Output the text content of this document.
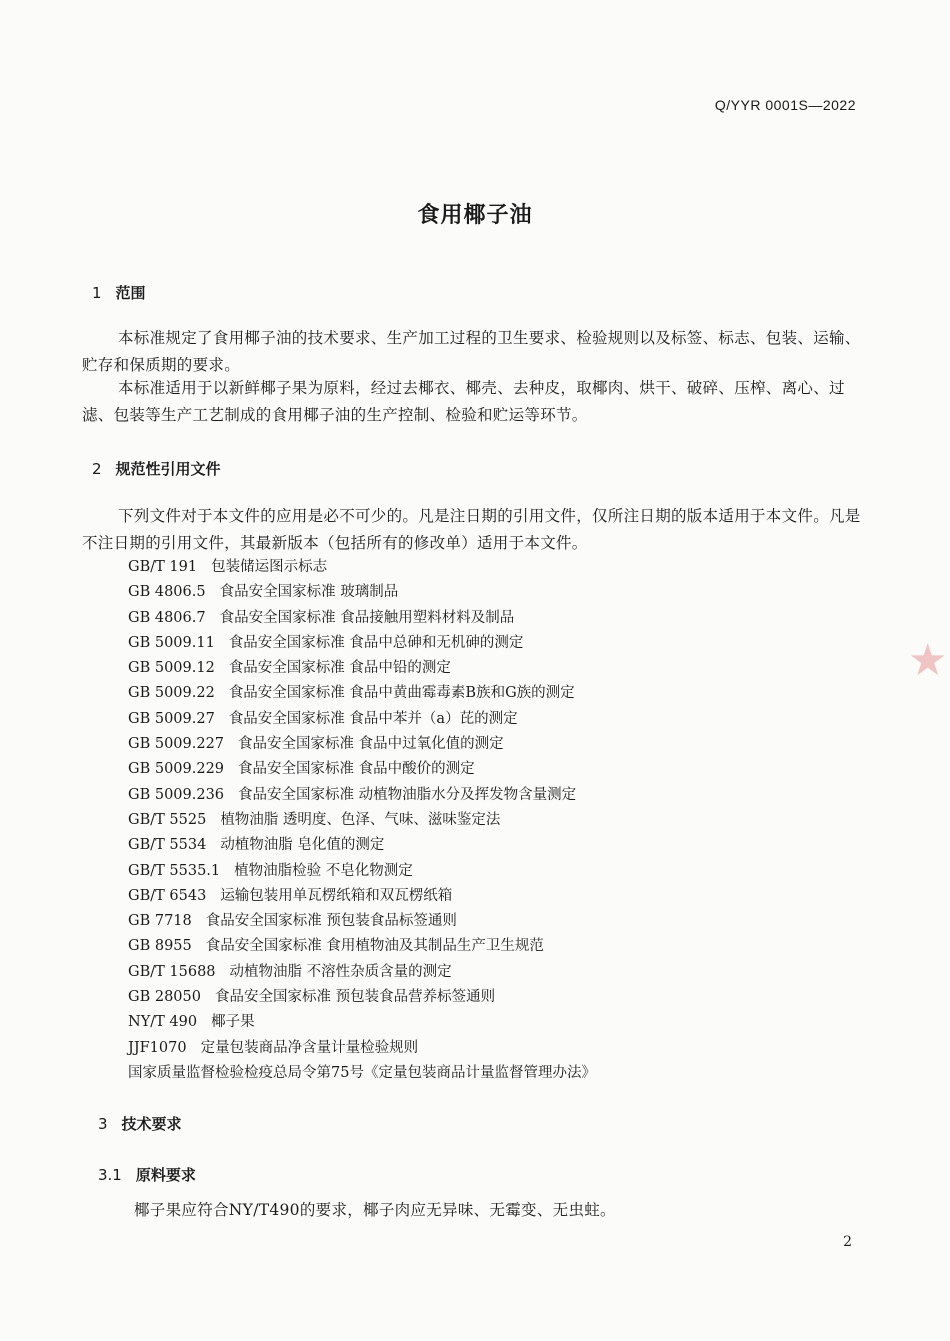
Q/YYR 0001S—2022
食用椰子油
1 范围
本标准规定了食用椰子油的技术要求、生产加工过程的卫生要求、检验规则以及标签、标志、包装、运输、贮存和保质期的要求。
本标准适用于以新鲜椰子果为原料，经过去椰衣、椰壳、去种皮，取椰肉、烘干、破碎、压榨、离心、过滤、包装等生产工艺制成的食用椰子油的生产控制、检验和贮运等环节。
2 规范性引用文件
下列文件对于本文件的应用是必不可少的。凡是注日期的引用文件，仅所注日期的版本适用于本文件。凡是不注日期的引用文件，其最新版本（包括所有的修改单）适用于本文件。
GB/T 191 包装储运图示标志
GB 4806.5 食品安全国家标准 玻璃制品
GB 4806.7 食品安全国家标准 食品接触用塑料材料及制品
GB 5009.11 食品安全国家标准 食品中总砷和无机砷的测定
GB 5009.12 食品安全国家标准 食品中铅的测定
GB 5009.22 食品安全国家标准 食品中黄曲霉毒素B族和G族的测定
GB 5009.27 食品安全国家标准 食品中苯并（a）芘的测定
GB 5009.227 食品安全国家标准 食品中过氧化值的测定
GB 5009.229 食品安全国家标准 食品中酸价的测定
GB 5009.236 食品安全国家标准 动植物油脂水分及挥发物含量测定
GB/T 5525 植物油脂 透明度、色泽、气味、滋味鉴定法
GB/T 5534 动植物油脂 皂化值的测定
GB/T 5535.1 植物油脂检验 不皂化物测定
GB/T 6543 运输包装用单瓦楞纸箱和双瓦楞纸箱
GB 7718 食品安全国家标准 预包装食品标签通则
GB 8955 食品安全国家标准 食用植物油及其制品生产卫生规范
GB/T 15688 动植物油脂 不溶性杂质含量的测定
GB 28050 食品安全国家标准 预包装食品营养标签通则
NY/T 490 椰子果
JJF1070 定量包装商品净含量计量检验规则
国家质量监督检验检疫总局令第75号《定量包装商品计量监督管理办法》
3 技术要求
3.1 原料要求
椰子果应符合NY/T490的要求，椰子肉应无异味、无霉变、无虫蛀。
2
★
